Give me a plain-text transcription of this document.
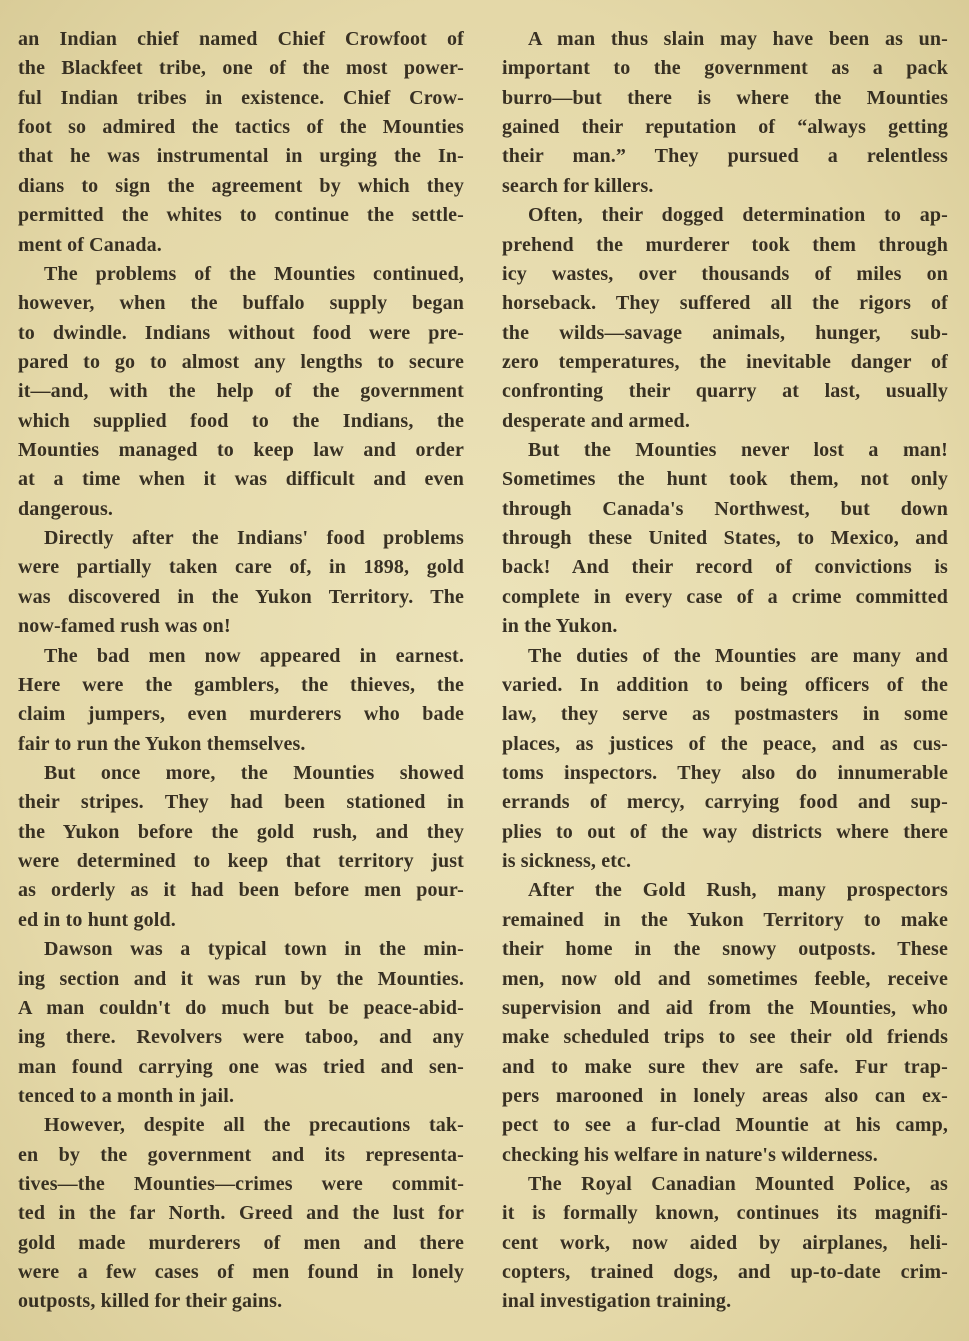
an Indian chief named Chief Crowfoot of
the Blackfeet tribe, one of the most power-
ful Indian tribes in existence. Chief Crow-
foot so admired the tactics of the Mounties
that he was instrumental in urging the In-
dians to sign the agreement by which they
permitted the whites to continue the settle-
ment of Canada.
The problems of the Mounties continued,
however, when the buffalo supply began
to dwindle. Indians without food were pre-
pared to go to almost any lengths to secure
it—and, with the help of the government
which supplied food to the Indians, the
Mounties managed to keep law and order
at a time when it was difficult and even
dangerous.
Directly after the Indians' food problems
were partially taken care of, in 1898, gold
was discovered in the Yukon Territory. The
now-famed rush was on!
The bad men now appeared in earnest.
Here were the gamblers, the thieves, the
claim jumpers, even murderers who bade
fair to run the Yukon themselves.
But once more, the Mounties showed
their stripes. They had been stationed in
the Yukon before the gold rush, and they
were determined to keep that territory just
as orderly as it had been before men pour-
ed in to hunt gold.
Dawson was a typical town in the min-
ing section and it was run by the Mounties.
A man couldn't do much but be peace-abid-
ing there. Revolvers were taboo, and any
man found carrying one was tried and sen-
tenced to a month in jail.
However, despite all the precautions tak-
en by the government and its representa-
tives—the Mounties—crimes were commit-
ted in the far North. Greed and the lust for
gold made murderers of men and there
were a few cases of men found in lonely
outposts, killed for their gains.
A man thus slain may have been as un-
important to the government as a pack
burro—but there is where the Mounties
gained their reputation of “always getting
their man.” They pursued a relentless
search for killers.
Often, their dogged determination to ap-
prehend the murderer took them through
icy wastes, over thousands of miles on
horseback. They suffered all the rigors of
the wilds—savage animals, hunger, sub-
zero temperatures, the inevitable danger of
confronting their quarry at last, usually
desperate and armed.
But the Mounties never lost a man!
Sometimes the hunt took them, not only
through Canada's Northwest, but down
through these United States, to Mexico, and
back! And their record of convictions is
complete in every case of a crime committed
in the Yukon.
The duties of the Mounties are many and
varied. In addition to being officers of the
law, they serve as postmasters in some
places, as justices of the peace, and as cus-
toms inspectors. They also do innumerable
errands of mercy, carrying food and sup-
plies to out of the way districts where there
is sickness, etc.
After the Gold Rush, many prospectors
remained in the Yukon Territory to make
their home in the snowy outposts. These
men, now old and sometimes feeble, receive
supervision and aid from the Mounties, who
make scheduled trips to see their old friends
and to make sure thev are safe. Fur trap-
pers marooned in lonely areas also can ex-
pect to see a fur-clad Mountie at his camp,
checking his welfare in nature's wilderness.
The Royal Canadian Mounted Police, as
it is formally known, continues its magnifi-
cent work, now aided by airplanes, heli-
copters, trained dogs, and up-to-date crim-
inal investigation training.
